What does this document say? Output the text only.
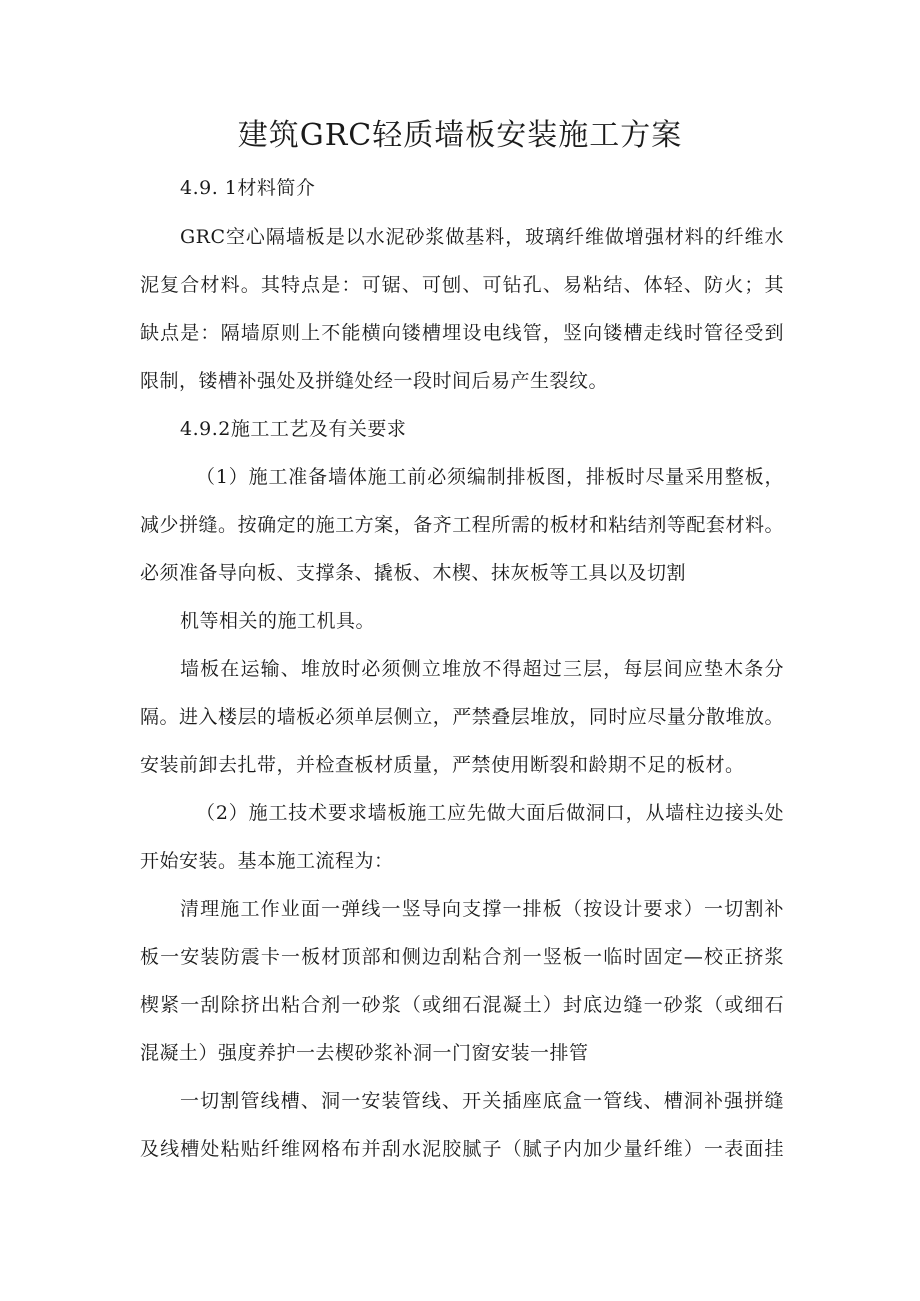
建筑GRC轻质墙板安装施工方案
4.9. 1材料简介
GRC空心隔墙板是以水泥砂浆做基料，玻璃纤维做增强材料的纤维水
泥复合材料。其特点是：可锯、可刨、可钻孔、易粘结、体轻、防火；其
缺点是：隔墙原则上不能横向镂槽埋设电线管，竖向镂槽走线时管径受到
限制，镂槽补强处及拼缝处经一段时间后易产生裂纹。
4.9.2施工工艺及有关要求
（1）施工准备墙体施工前必须编制排板图，排板时尽量采用整板，
减少拼缝。按确定的施工方案，备齐工程所需的板材和粘结剂等配套材料。
必须准备导向板、支撑条、撬板、木楔、抹灰板等工具以及切割
机等相关的施工机具。
墙板在运输、堆放时必须侧立堆放不得超过三层，每层间应垫木条分
隔。进入楼层的墙板必须单层侧立，严禁叠层堆放，同时应尽量分散堆放。
安装前卸去扎带，并检查板材质量，严禁使用断裂和龄期不足的板材。
（2）施工技术要求墙板施工应先做大面后做洞口，从墙柱边接头处
开始安装。基本施工流程为：
清理施工作业面一弹线一竖导向支撑一排板（按设计要求）一切割补
板一安装防震卡一板材顶部和侧边刮粘合剂一竖板一临时固定—校正挤浆
楔紧一刮除挤出粘合剂一砂浆（或细石混凝土）封底边缝一砂浆（或细石
混凝土）强度养护一去楔砂浆补洞一门窗安装一排管
一切割管线槽、洞一安装管线、开关插座底盒一管线、槽洞补强拼缝
及线槽处粘贴纤维网格布并刮水泥胶腻子（腻子内加少量纤维）一表面挂
